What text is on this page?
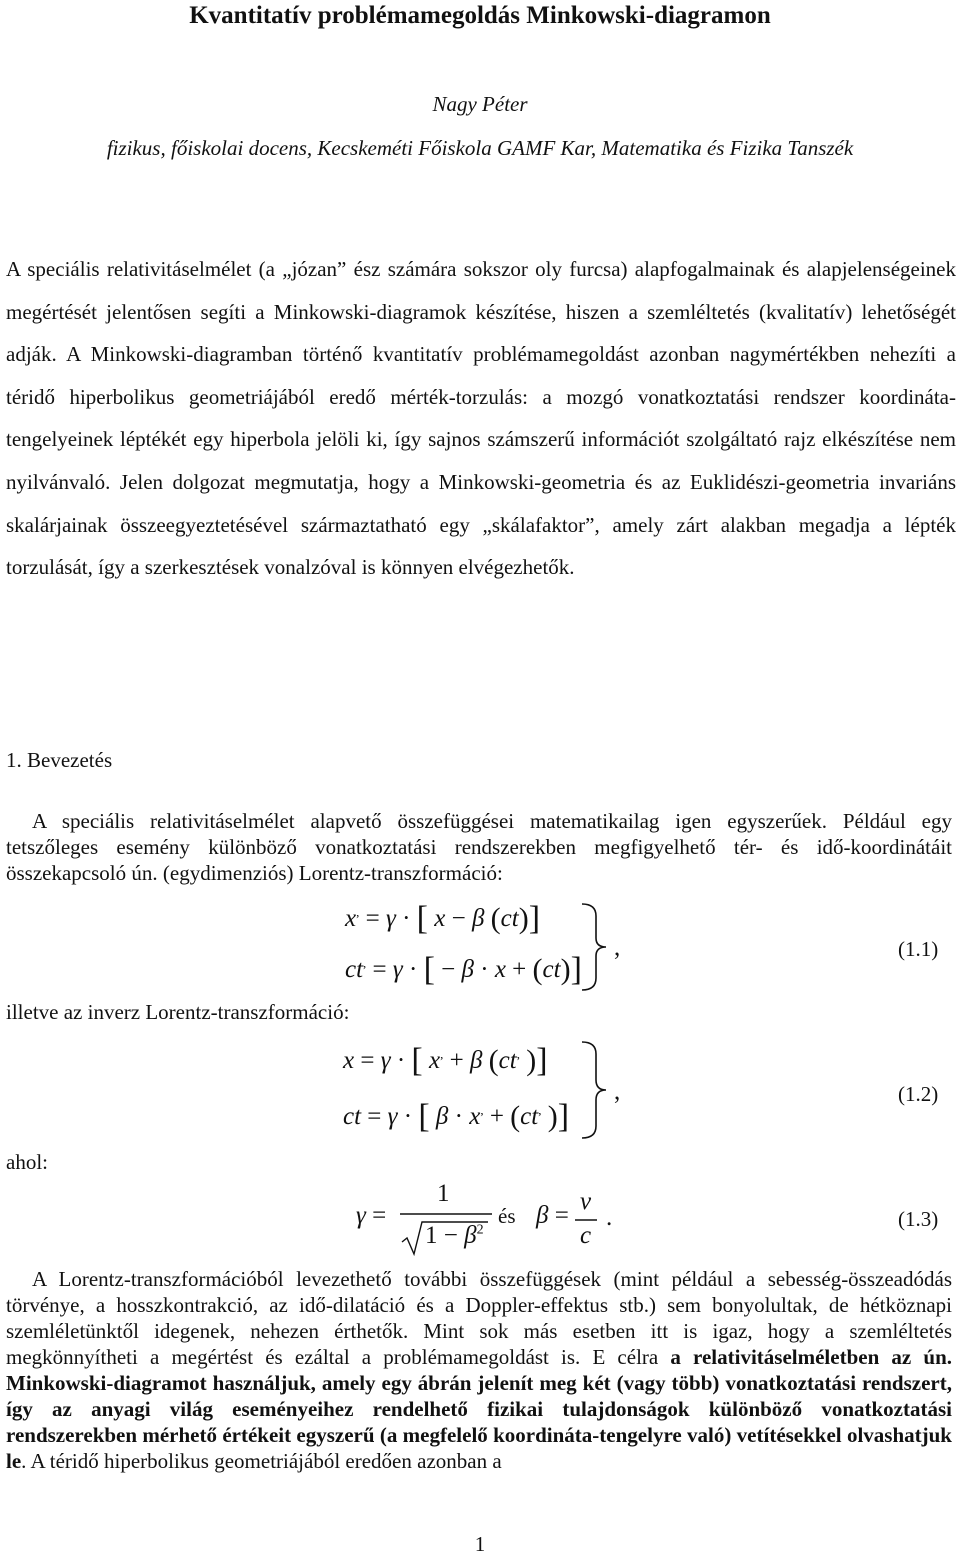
Kvantitatív problémamegoldás Minkowski-diagramon
Nagy Péter
fizikus, főiskolai docens, Kecskeméti Főiskola GAMF Kar, Matematika és Fizika Tanszék
A speciális relativitáselmélet (a „józan” ész számára sokszor oly furcsa) alapfogalmainak és alapjelenségeinek megértését jelentősen segíti a Minkowski-diagramok készítése, hiszen a szemléltetés (kvalitatív) lehetőségét adják. A Minkowski-diagramban történő kvantitatív problémamegoldást azonban nagymértékben nehezíti a téridő hiperbolikus geometriájából eredő mérték-torzulás: a mozgó vonatkoztatási rendszer koordináta-tengelyeinek léptékét egy hiperbola jelöli ki, így sajnos számszerű információt szolgáltató rajz elkészítése nem nyilvánvaló. Jelen dolgozat megmutatja, hogy a Minkowski-geometria és az Euklidészi-geometria invariáns skalárjainak összeegyeztetésével származtatható egy „skálafaktor”, amely zárt alakban megadja a lépték torzulását, így a szerkesztések vonalzóval is könnyen elvégezhetők.
1. Bevezetés
A speciális relativitáselmélet alapvető összefüggései matematikailag igen egyszerűek. Például egy tetszőleges esemény különböző vonatkoztatási rendszerekben megfigyelhető tér- és idő-koordinátáit összekapcsoló ún. (egydimenziós) Lorentz-transzformáció:
x, = γ · [ x − β (ct)]
ct, = γ · [ − β · x + (ct)]
,	(1.1)
illetve az inverz Lorentz-transzformáció:
x = γ · [ x, + β (ct, )]
ct = γ · [ β · x, + (ct, )]
,	(1.2)
ahol:
γ =
1
$1 - \beta^2$
és β =
v
c
.	(1.3)
A Lorentz-transzformációból levezethető további összefüggések (mint például a sebesség-összeadódás törvénye, a hosszkontrakció, az idő-dilatáció és a Doppler-effektus stb.) sem bonyolultak, de hétköznapi szemléletünktől idegenek, nehezen érthetők. Mint sok más esetben itt is igaz, hogy a szemléltetés megkönnyítheti a megértést és ezáltal a problémamegoldást is. E célra a relativitáselméletben az ún. Minkowski-diagramot használjuk, amely egy ábrán jelenít meg két (vagy több) vonatkoztatási rendszert, így az anyagi világ eseményeihez rendelhető fizikai tulajdonságok különböző vonatkoztatási rendszerekben mérhető értékeit egyszerű (a megfelelő koordináta-tengelyre való) vetítésekkel olvashatjuk le. A téridő hiperbolikus geometriájából eredően azonban a
1
